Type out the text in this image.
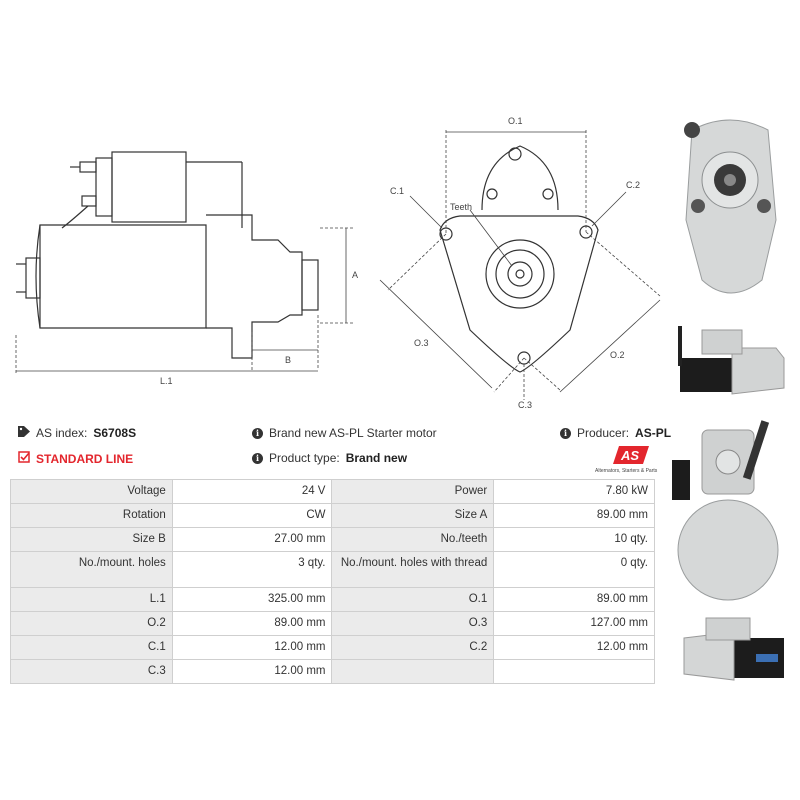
A
B
L.1
O.1
C.1
C.2
Teeth
O.3
O.2
C.3
AS index: S6708S
STANDARD LINE
i Brand new AS-PL Starter motor
i Product type: Brand new
i Producer: AS-PL
AS
Alternators, Starters & Parts
Voltage	24 V	Power	7.80 kW
Rotation	CW	Size A	89.00 mm
Size B	27.00 mm	No./teeth	10 qty.
No./mount. holes	3 qty.	No./mount. holes with thread	0 qty.
L.1	325.00 mm	O.1	89.00 mm
O.2	89.00 mm	O.3	127.00 mm
C.1	12.00 mm	C.2	12.00 mm
C.3	12.00 mm		
